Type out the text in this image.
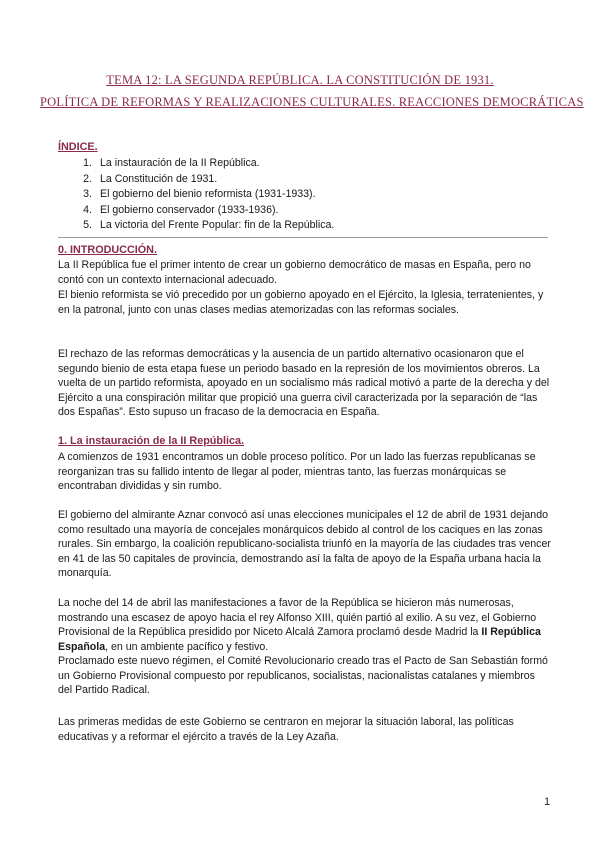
TEMA 12: LA SEGUNDA REPÚBLICA. LA CONSTITUCIÓN DE 1931.
POLÍTICA DE REFORMAS Y REALIZACIONES CULTURALES. REACCIONES DEMOCRÁTICAS
ÍNDICE.
1. La instauración de la II República.
2. La Constitución de 1931.
3. El gobierno del bienio reformista (1931-1933).
4. El gobierno conservador (1933-1936).
5. La victoria del Frente Popular: fin de la República.
0. INTRODUCCIÓN.

La II República fue el primer intento de crear un gobierno democrático de masas en España, pero no contó con un contexto internacional adecuado.

El bienio reformista se vió precedido por un gobierno apoyado en el Ejército, la Iglesia, terratenientes, y en la patronal, junto con unas clases medias atemorizadas con las reformas sociales.

El rechazo de las reformas democráticas y la ausencia de un partido alternativo ocasionaron que el segundo bienio de esta etapa fuese un periodo basado en la represión de los movimientos obreros. La vuelta de un partido reformista, apoyado en un socialismo más radical motivó a parte de la derecha y del Ejército a una conspiración militar que propició una guerra civil caracterizada por la separación de “las dos Españas”. Esto supuso un fracaso de la democracia en España.

1. La instauración de la II República.

A comienzos de 1931 encontramos un doble proceso político. Por un lado las fuerzas republicanas se reorganizan tras su fallido intento de llegar al poder, mientras tanto, las fuerzas monárquicas se encontraban divididas y sin rumbo.

El gobierno del almirante Aznar convocó así unas elecciones municipales el 12 de abril de 1931 dejando como resultado una mayoría de concejales monárquicos debido al control de los caciques en las zonas rurales. Sin embargo, la coalición republicano-socialista triunfó en la mayoría de las ciudades tras vencer en 41 de las 50 capitales de provincia, demostrando así la falta de apoyo de la España urbana hacia la monarquía.

La noche del 14 de abril las manifestaciones a favor de la República se hicieron más numerosas, mostrando una escasez de apoyo hacia el rey Alfonso XIII, quién partió al exilio. A su vez, el Gobierno Provisional de la República presidido por Niceto Alcalá Zamora proclamó desde Madrid la II República Española, en un ambiente pacífico y festivo.

Proclamado este nuevo régimen, el Comité Revolucionario creado tras el Pacto de San Sebastián formó un Gobierno Provisional compuesto por republicanos, socialistas, nacionalistas catalanes y miembros del Partido Radical.

Las primeras medidas de este Gobierno se centraron en mejorar la situación laboral, las políticas educativas y a reformar el ejército a través de la Ley Azaña.

1
